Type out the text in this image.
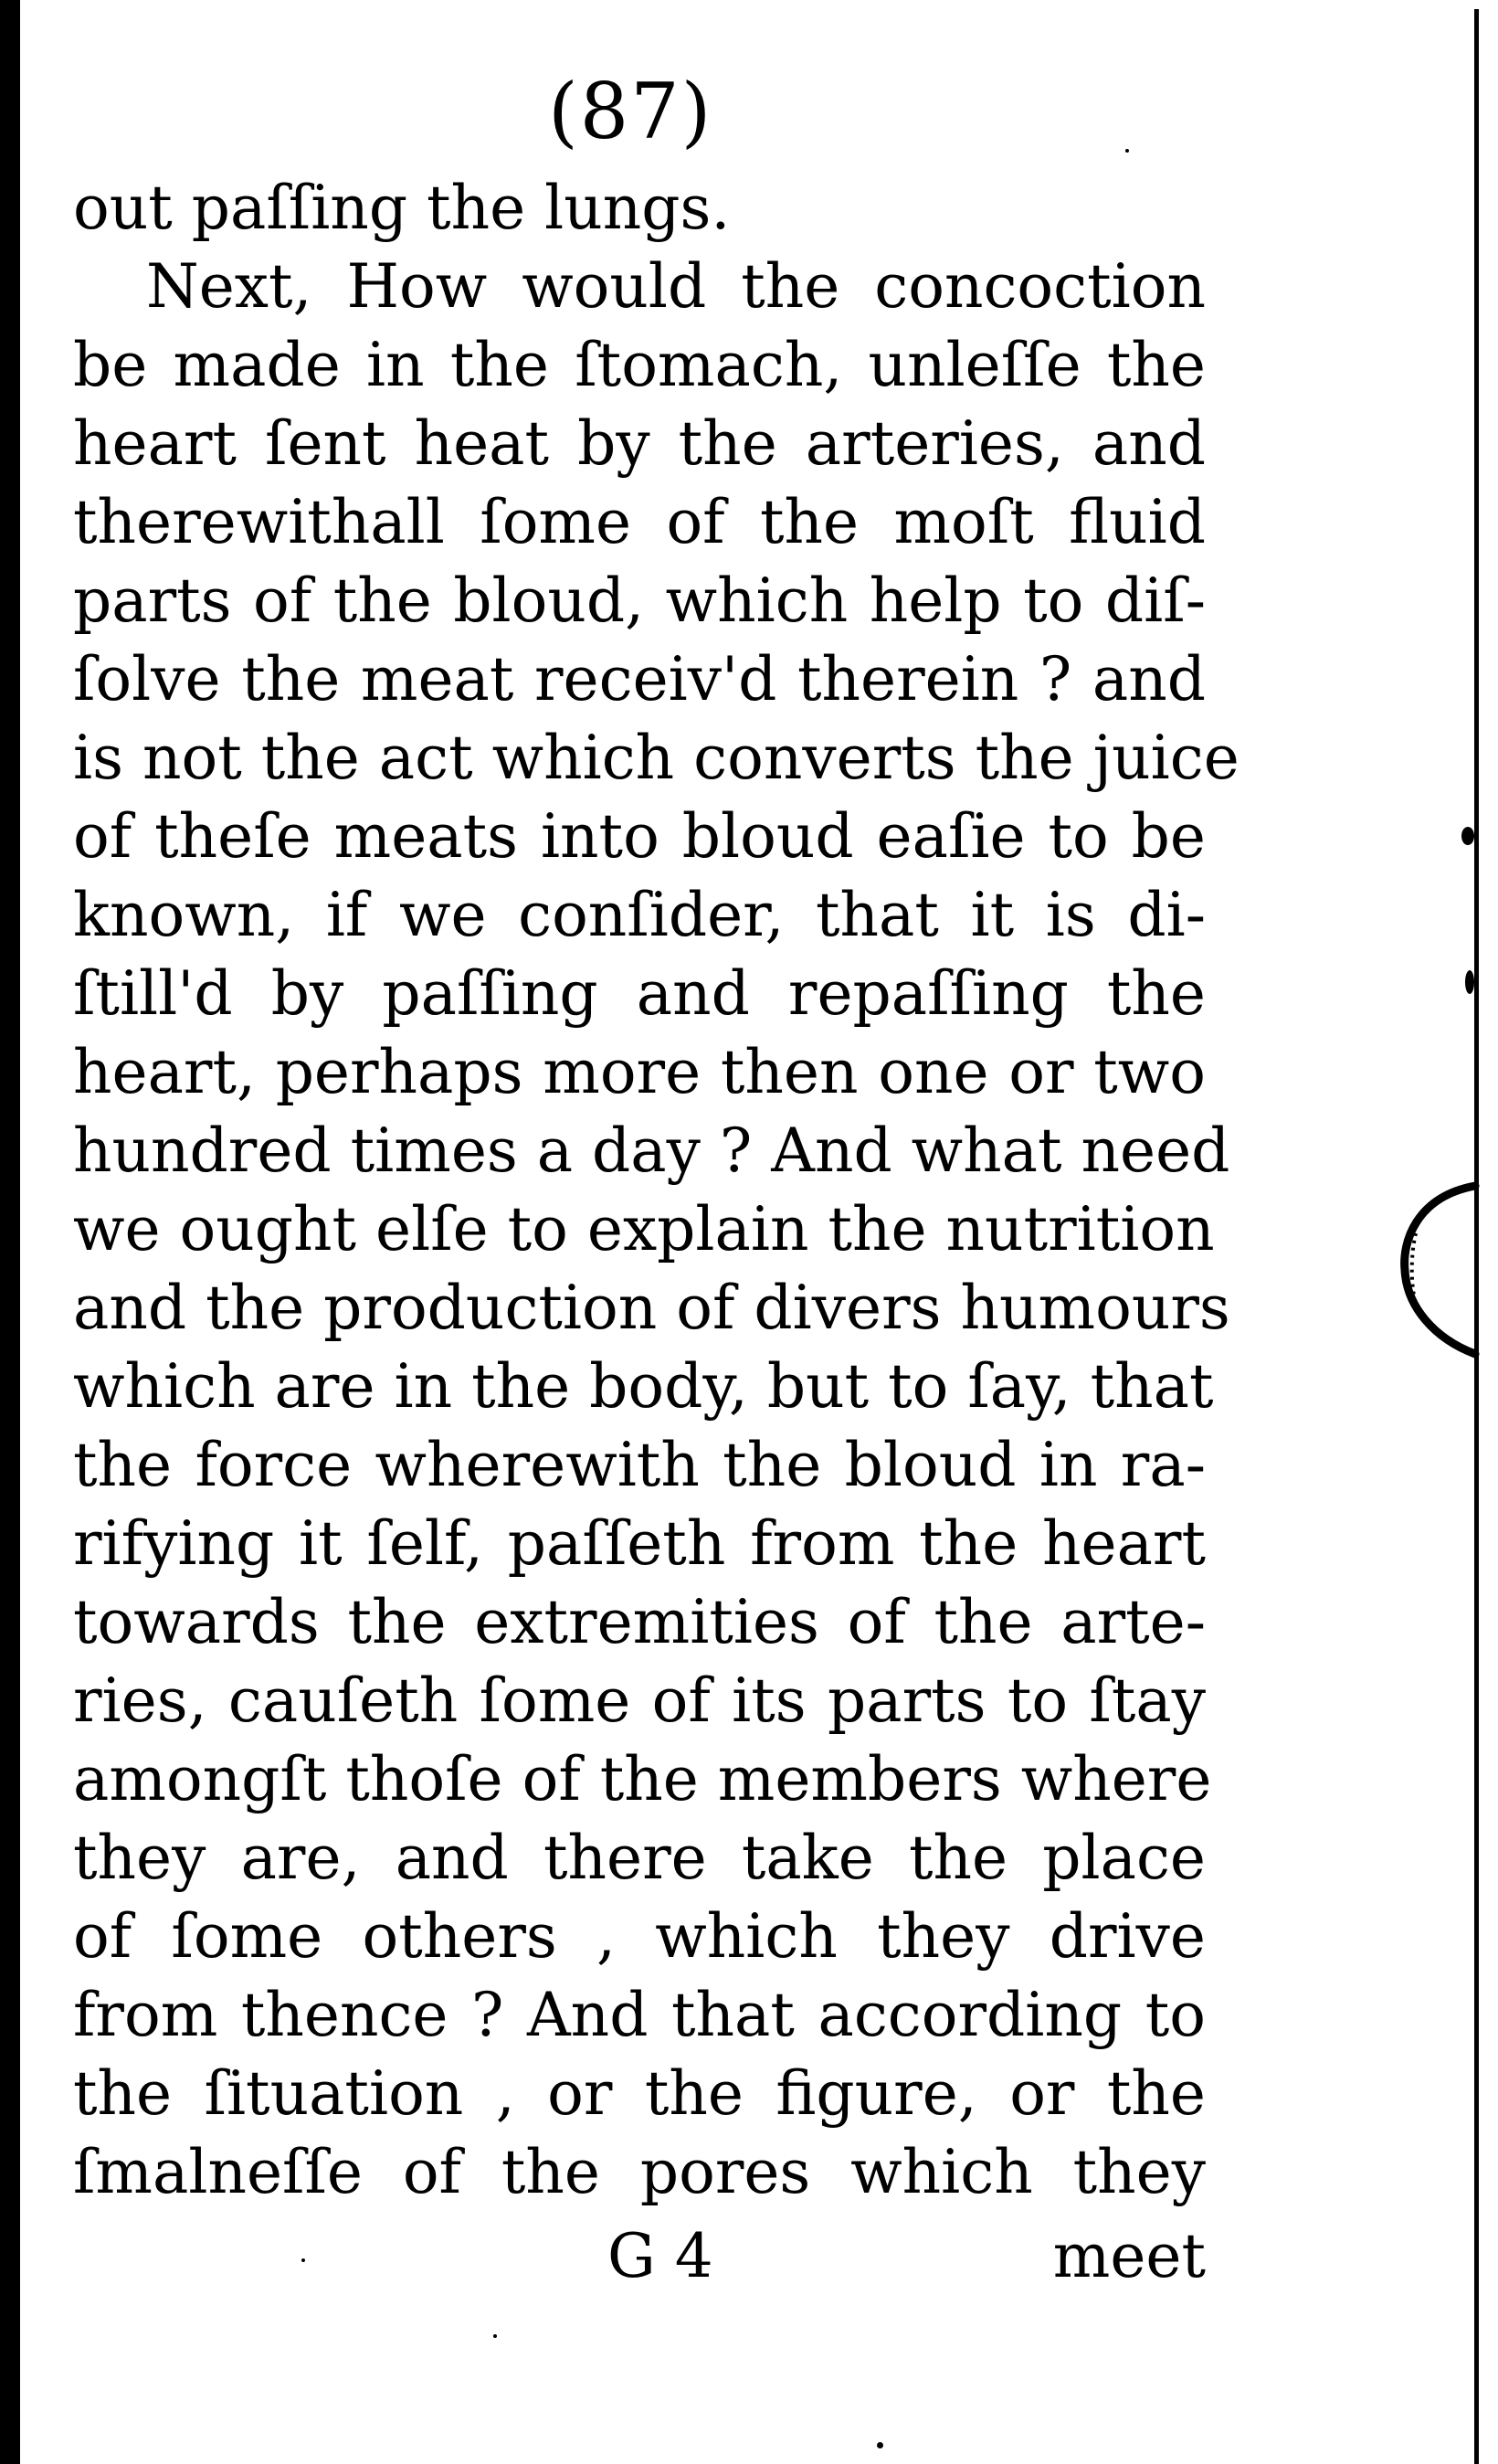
(87)
out paſſing the lungs.
Next, How would the concoction
be made in the ſtomach, unleſſe the
heart ſent heat by the arteries, and
therewithall ſome of the moſt fluid
parts of the bloud, which help to diſ-
ſolve the meat receiv'd therein ? and
is not the act which converts the juice
of theſe meats into bloud eaſie to be
known, if we conſider, that it is di-
ſtill'd by paſſing and repaſſing the
heart, perhaps more then one or two
hundred times a day ? And what need
we ought elſe to explain the nutrition
and the production of divers humours
which are in the body, but to ſay, that
the force wherewith the bloud in ra-
rifying it ſelf, paſſeth from the heart
towards the extremities of the arte-
ries, cauſeth ſome of its parts to ſtay
amongſt thoſe of the members where
they are, and there take the place
of ſome others , which they drive
from thence ? And that according to
the ſituation , or the figure, or the
ſmalneſſe of the pores which they
G 4	meet
